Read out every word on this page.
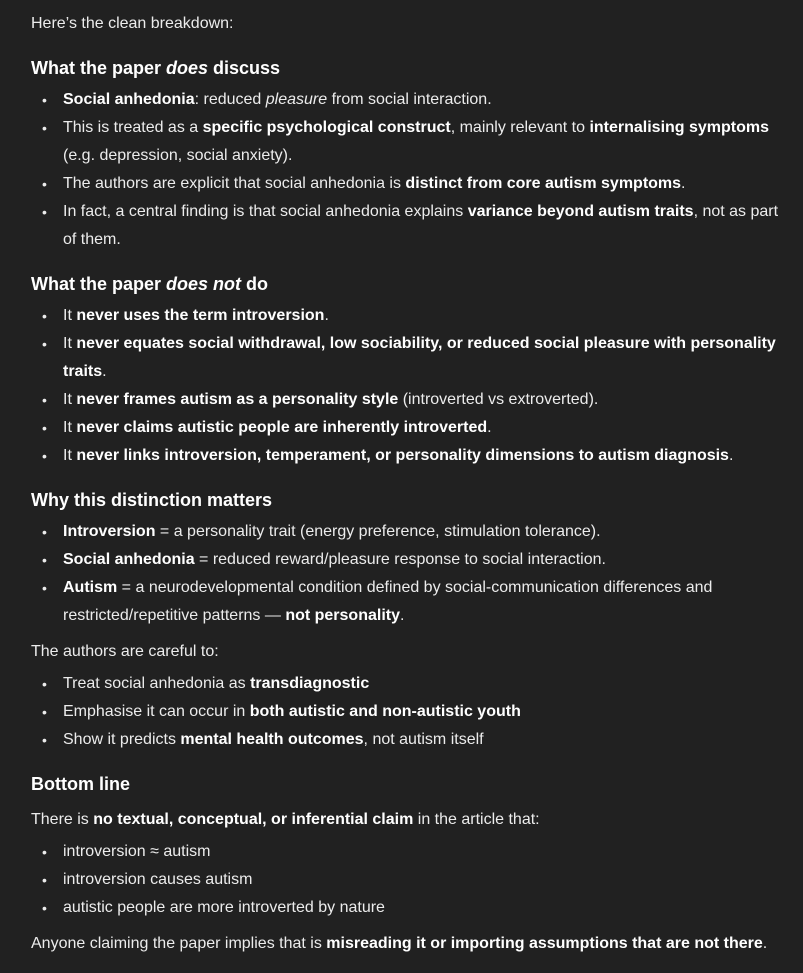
Here’s the clean breakdown:

What the paper does discuss
• Social anhedonia: reduced pleasure from social interaction.
• This is treated as a specific psychological construct, mainly relevant to internalising symptoms (e.g. depression, social anxiety).
• The authors are explicit that social anhedonia is distinct from core autism symptoms.
• In fact, a central finding is that social anhedonia explains variance beyond autism traits, not as part of them.
What the paper does not do
• It never uses the term introversion.
• It never equates social withdrawal, low sociability, or reduced social pleasure with personality traits.
• It never frames autism as a personality style (introverted vs extroverted).
• It never claims autistic people are inherently introverted.
• It never links introversion, temperament, or personality dimensions to autism diagnosis.
Why this distinction matters
• Introversion = a personality trait (energy preference, stimulation tolerance).
• Social anhedonia = reduced reward/pleasure response to social interaction.
• Autism = a neurodevelopmental condition defined by social-communication differences and restricted/repetitive patterns — not personality.

The authors are careful to:

• Treat social anhedonia as transdiagnostic
• Emphasise it can occur in both autistic and non-autistic youth
• Show it predicts mental health outcomes, not autism itself
Bottom line

There is no textual, conceptual, or inferential claim in the article that:

• introversion ≈ autism
• introversion causes autism
• autistic people are more introverted by nature

Anyone claiming the paper implies that is misreading it or importing assumptions that are not there.
